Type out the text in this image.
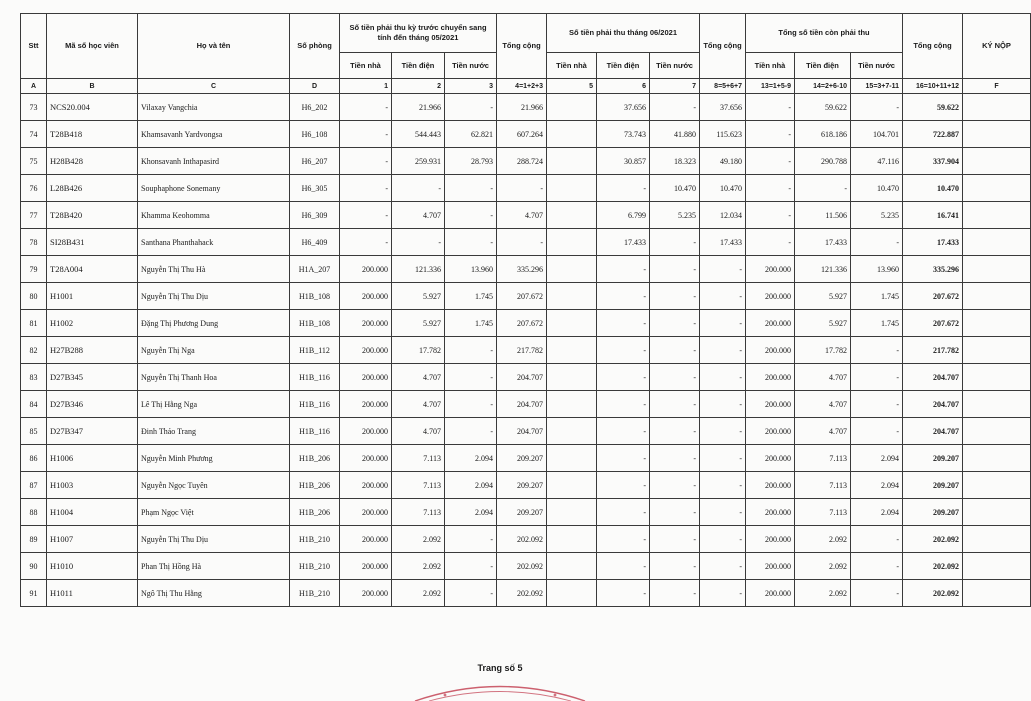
Stt	Mã số học viên	Họ và tên	Số phòng	Số tiền phải thu kỳ trước chuyển sang tính đến tháng 05/2021			Tổng cộng	Số tiền phải thu tháng 06/2021			Tổng cộng	Tổng số tiền còn phải thu			Tổng cộng	KÝ NỘP
				Tiền nhà	Tiền điện	Tiền nước		Tiền nhà	Tiền điện	Tiền nước		Tiền nhà	Tiền điện	Tiền nước		
A	B	C	D	1	2	3	4=1+2+3	5	6	7	8=5+6+7	13=1+5-9	14=2+6-10	15=3+7-11	16=10+11+12	F
73	NCS20.004	Vilaxay Vangchia	H6_202	-	21.966	-	21.966		37.656	-	37.656	-	59.622	-	59.622	
74	T28B418	Khamsavanh Yardvongsa	H6_108	-	544.443	62.821	607.264		73.743	41.880	115.623	-	618.186	104.701	722.887	
75	H28B428	Khonsavanh Inthapasird	H6_207	-	259.931	28.793	288.724		30.857	18.323	49.180	-	290.788	47.116	337.904	
76	L28B426	Souphaphone Sonemany	H6_305	-	-	-	-		-	10.470	10.470	-	-	10.470	10.470	
77	T28B420	Khamma Keohomma	H6_309	-	4.707	-	4.707		6.799	5.235	12.034	-	11.506	5.235	16.741	
78	SI28B431	Santhana Phanthahack	H6_409	-	-	-	-		17.433	-	17.433	-	17.433	-	17.433	
79	T28A004	Nguyễn Thị Thu Hà	H1A_207	200.000	121.336	13.960	335.296		-	-	-	200.000	121.336	13.960	335.296	
80	H1001	Nguyễn Thị Thu Dịu	H1B_108	200.000	5.927	1.745	207.672		-	-	-	200.000	5.927	1.745	207.672	
81	H1002	Đặng Thị Phương Dung	H1B_108	200.000	5.927	1.745	207.672		-	-	-	200.000	5.927	1.745	207.672	
82	H27B288	Nguyễn Thị Nga	H1B_112	200.000	17.782	-	217.782		-	-	-	200.000	17.782	-	217.782	
83	D27B345	Nguyễn Thị Thanh Hoa	H1B_116	200.000	4.707	-	204.707		-	-	-	200.000	4.707	-	204.707	
84	D27B346	Lê Thị Hằng Nga	H1B_116	200.000	4.707	-	204.707		-	-	-	200.000	4.707	-	204.707	
85	D27B347	Đinh Thảo Trang	H1B_116	200.000	4.707	-	204.707		-	-	-	200.000	4.707	-	204.707	
86	H1006	Nguyễn Minh Phương	H1B_206	200.000	7.113	2.094	209.207		-	-	-	200.000	7.113	2.094	209.207	
87	H1003	Nguyễn Ngọc Tuyên	H1B_206	200.000	7.113	2.094	209.207		-	-	-	200.000	7.113	2.094	209.207	
88	H1004	Phạm Ngọc Việt	H1B_206	200.000	7.113	2.094	209.207		-	-	-	200.000	7.113	2.094	209.207	
89	H1007	Nguyễn Thị Thu Dịu	H1B_210	200.000	2.092	-	202.092		-	-	-	200.000	2.092	-	202.092	
90	H1010	Phan Thị Hồng Hà	H1B_210	200.000	2.092	-	202.092		-	-	-	200.000	2.092	-	202.092	
91	H1011	Ngô Thị Thu Hằng	H1B_210	200.000	2.092	-	202.092		-	-	-	200.000	2.092	-	202.092	
Trang số 5
